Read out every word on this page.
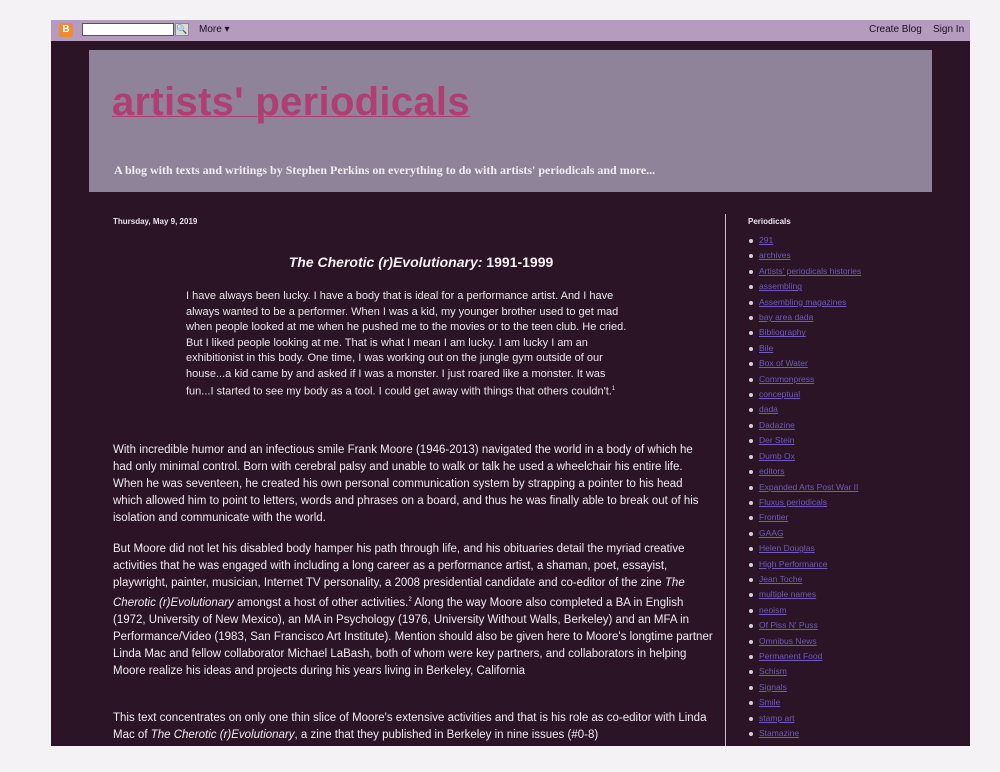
B	🔍 More ▾	Create Blog Sign In
artists' periodicals
A blog with texts and writings by Stephen Perkins on everything to do with artists' periodicals and more...
Thursday, May 9, 2019
The Cherotic (r)Evolutionary: 1991-1999

I have always been lucky. I have a body that is ideal for a performance artist. And I have always wanted to be a performer. When I was a kid, my younger brother used to get mad when people looked at me when he pushed me to the movies or to the teen club. He cried. But I liked people looking at me. That is what I mean I am lucky. I am lucky I am an exhibitionist in this body. One time, I was working out on the jungle gym outside of our house...a kid came by and asked if I was a monster. I just roared like a monster. It was fun...I started to see my body as a tool. I could get away with things that others couldn't.$^1$

With incredible humor and an infectious smile Frank Moore (1946-2013) navigated the world in a body of which he had only minimal control. Born with cerebral palsy and unable to walk or talk he used a wheelchair his entire life. When he was seventeen, he created his own personal communication system by strapping a pointer to his head which allowed him to point to letters, words and phrases on a board, and thus he was finally able to break out of his isolation and communicate with the world.

But Moore did not let his disabled body hamper his path through life, and his obituaries detail the myriad creative activities that he was engaged with including a long career as a performance artist, a shaman, poet, essayist, playwright, painter, musician, Internet TV personality, a 2008 presidential candidate and co-editor of the zine The Cherotic (r)Evolutionary amongst a host of other activities.$^2$ Along the way Moore also completed a BA in English (1972, University of New Mexico), an MA in Psychology (1976, University Without Walls, Berkeley) and an MFA in Performance/Video (1983, San Francisco Art Institute). Mention should also be given here to Moore's longtime partner Linda Mac and fellow collaborator Michael LaBash, both of whom were key partners, and collaborators in helping Moore realize his ideas and projects during his years living in Berkeley, California

This text concentrates on only one thin slice of Moore's extensive activities and that is his role as co-editor with Linda Mac of The Cherotic (r)Evolutionary, a zine that they published in Berkeley in nine issues (#0-8)

Periodicals
291
archives
Artists' periodicals histories
assembling
Assembling magazines
bay area dada
Bibliography
Bile
Box of Water
Commonpress
conceptual
dada
Dadazine
Der Stein
Dumb Ox
editors
Expanded Arts Post War II
Fluxus periodicals
Frontier
GAAG
Helen Douglas
High Performance
Jean Toche
multiple names
neoism
Of Piss N' Puss
Omnibus News
Permanent Food
Schism
Signals
Smile
stamp art
Stamazine
